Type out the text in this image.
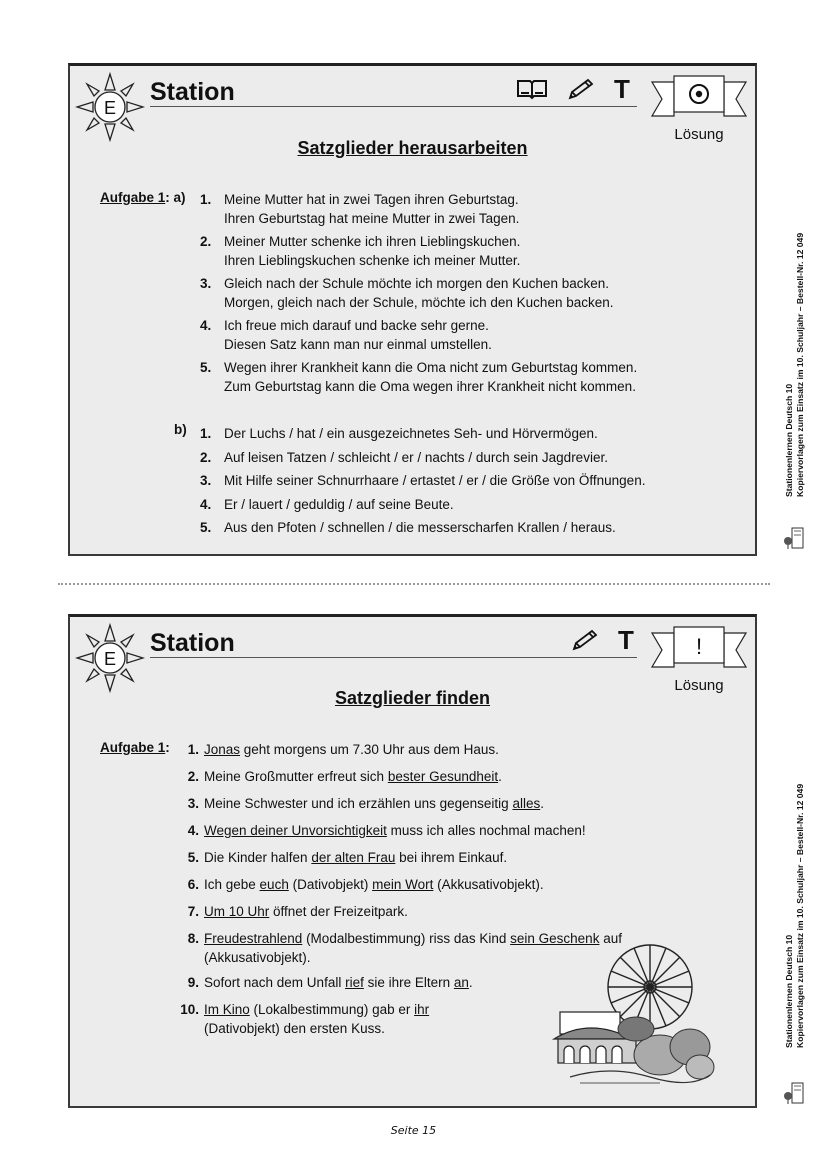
E
Station	T
Lösung
Satzglieder herausarbeiten
Aufgabe 1: a) 1. Meine Mutter hat in zwei Tagen ihren Geburtstag.
Ihren Geburtstag hat meine Mutter in zwei Tagen.
2. Meiner Mutter schenke ich ihren Lieblingskuchen.
Ihren Lieblingskuchen schenke ich meiner Mutter.
3. Gleich nach der Schule möchte ich morgen den Kuchen backen.
Morgen, gleich nach der Schule, möchte ich den Kuchen backen.
4. Ich freue mich darauf und backe sehr gerne.
Diesen Satz kann man nur einmal umstellen.
5. Wegen ihrer Krankheit kann die Oma nicht zum Geburtstag kommen.
Zum Geburtstag kann die Oma wegen ihrer Krankheit nicht kommen.
b) 1. Der Luchs / hat / ein ausgezeichnetes Seh- und Hörvermögen.
2. Auf leisen Tatzen / schleicht / er / nachts / durch sein Jagdrevier.
3. Mit Hilfe seiner Schnurrhaare / ertastet / er / die Größe von Öffnungen.
4. Er / lauert / geduldig / auf seine Beute.
5. Aus den Pfoten / schnellen / die messerscharfen Krallen / heraus.
E
Station	T	!
Lösung
Satzglieder finden
Aufgabe 1:	1. Jonas geht morgens um 7.30 Uhr aus dem Haus.
2. Meine Großmutter erfreut sich bester Gesundheit.
3. Meine Schwester und ich erzählen uns gegenseitig alles.
4. Wegen deiner Unvorsichtigkeit muss ich alles nochmal machen!
5. Die Kinder halfen der alten Frau bei ihrem Einkauf.
6. Ich gebe euch (Dativobjekt) mein Wort (Akkusativobjekt).
7. Um 10 Uhr öffnet der Freizeitpark.
8. Freudestrahlend (Modalbestimmung) riss das Kind sein Geschenk auf
(Akkusativobjekt).
9. Sofort nach dem Unfall rief sie ihre Eltern an.
10. Im Kino (Lokalbestimmung) gab er ihr
(Dativobjekt) den ersten Kuss.
Stationenlernen Deutsch 10 Kopiervorlagen zum Einsatz im 10. Schuljahr – Bestell-Nr. 12 049
Stationenlernen Deutsch 10 Kopiervorlagen zum Einsatz im 10. Schuljahr – Bestell-Nr. 12 049
Seite 15
